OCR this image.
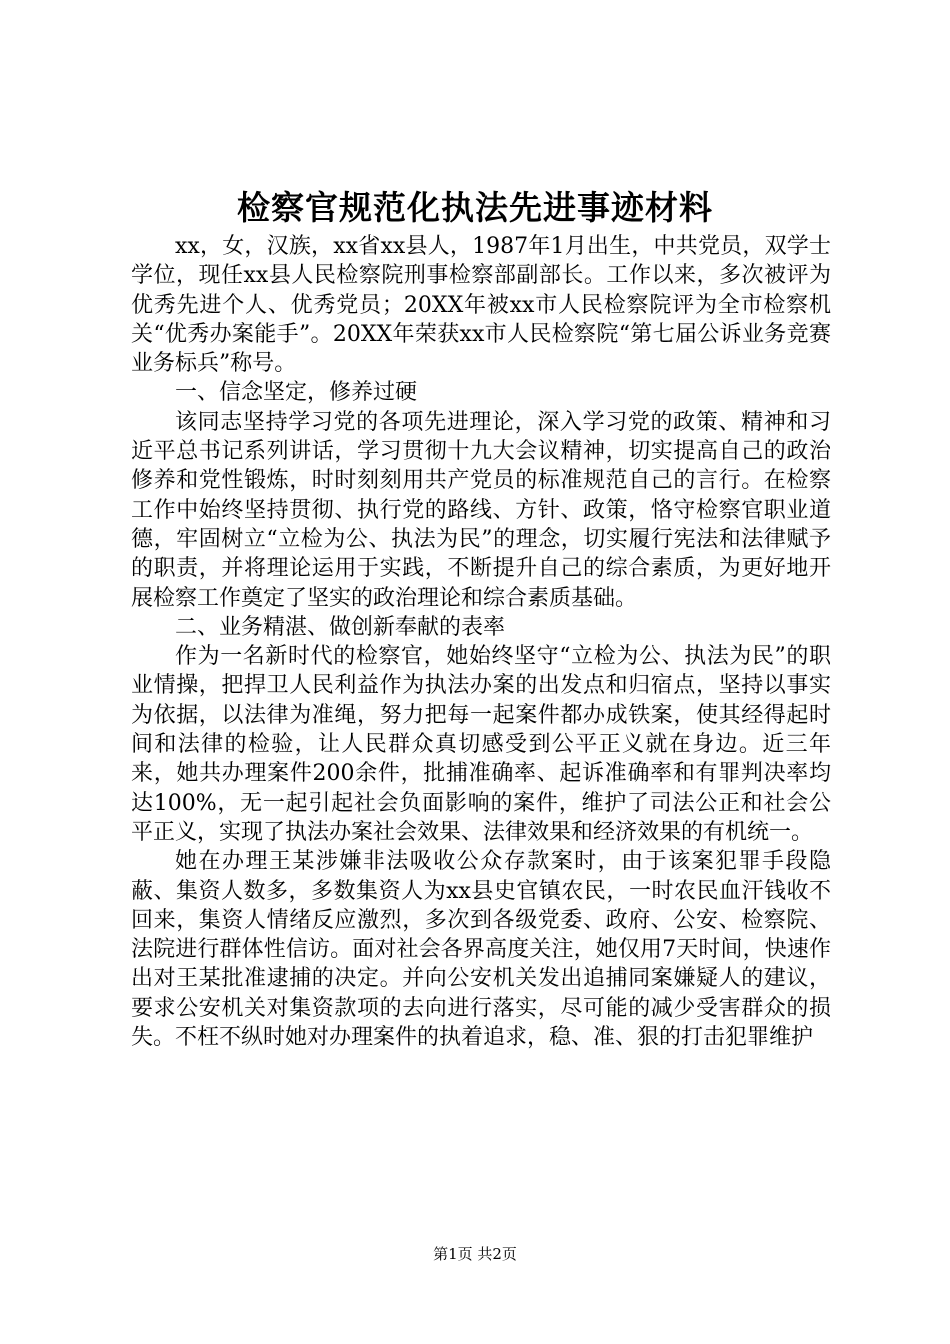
检察官规范化执法先进事迹材料

xx，女，汉族，xx省xx县人，1987年1月出生，中共党员，双学士学位，现任xx县人民检察院刑事检察部副部长。工作以来，多次被评为优秀先进个人、优秀党员；20XX年被xx市人民检察院评为全市检察机关“优秀办案能手”。20XX年荣获xx市人民检察院“第七届公诉业务竞赛业务标兵”称号。

一、信念坚定，修养过硬

该同志坚持学习党的各项先进理论，深入学习党的政策、精神和习近平总书记系列讲话，学习贯彻十九大会议精神，切实提高自己的政治修养和党性锻炼，时时刻刻用共产党员的标准规范自己的言行。在检察工作中始终坚持贯彻、执行党的路线、方针、政策，恪守检察官职业道德，牢固树立“立检为公、执法为民”的理念，切实履行宪法和法律赋予的职责，并将理论运用于实践，不断提升自己的综合素质，为更好地开展检察工作奠定了坚实的政治理论和综合素质基础。

二、业务精湛、做创新奉献的表率

作为一名新时代的检察官，她始终坚守“立检为公、执法为民”的职业情操，把捍卫人民利益作为执法办案的出发点和归宿点，坚持以事实为依据，以法律为准绳，努力把每一起案件都办成铁案，使其经得起时间和法律的检验，让人民群众真切感受到公平正义就在身边。近三年来，她共办理案件200余件，批捕准确率、起诉准确率和有罪判决率均达100%，无一起引起社会负面影响的案件，维护了司法公正和社会公平正义，实现了执法办案社会效果、法律效果和经济效果的有机统一。

她在办理王某涉嫌非法吸收公众存款案时，由于该案犯罪手段隐蔽、集资人数多，多数集资人为xx县史官镇农民，一时农民血汗钱收不回来，集资人情绪反应激烈，多次到各级党委、政府、公安、检察院、法院进行群体性信访。面对社会各界高度关注，她仅用7天时间，快速作出对王某批准逮捕的决定。并向公安机关发出追捕同案嫌疑人的建议，要求公安机关对集资款项的去向进行落实，尽可能的减少受害群众的损失。不枉不纵时她对办理案件的执着追求，稳、准、狠的打击犯罪维护

第1页 共2页
